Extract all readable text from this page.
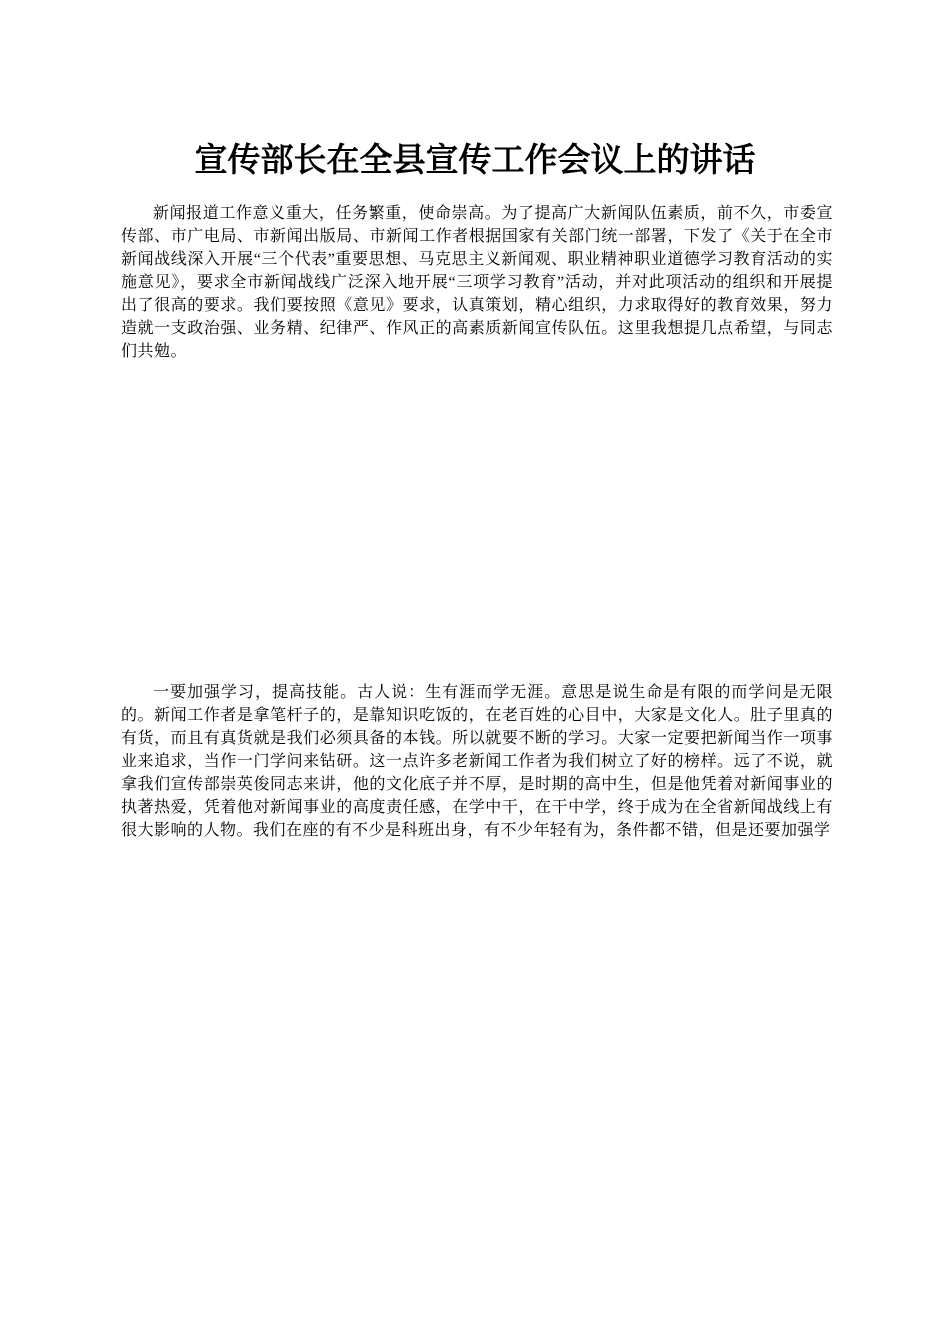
宣传部长在全县宣传工作会议上的讲话

新闻报道工作意义重大，任务繁重，使命崇高。为了提高广大新闻队伍素质，前不久，市委宣传部、市广电局、市新闻出版局、市新闻工作者根据国家有关部门统一部署，下发了《关于在全市新闻战线深入开展“三个代表”重要思想、马克思主义新闻观、职业精神职业道德学习教育活动的实施意见》，要求全市新闻战线广泛深入地开展“三项学习教育”活动，并对此项活动的组织和开展提出了很高的要求。我们要按照《意见》要求，认真策划，精心组织，力求取得好的教育效果，努力造就一支政治强、业务精、纪律严、作风正的高素质新闻宣传队伍。这里我想提几点希望，与同志们共勉。

一要加强学习，提高技能。古人说：生有涯而学无涯。意思是说生命是有限的而学问是无限的。新闻工作者是拿笔杆子的，是靠知识吃饭的，在老百姓的心目中，大家是文化人。肚子里真的有货，而且有真货就是我们必须具备的本钱。所以就要不断的学习。大家一定要把新闻当作一项事业来追求，当作一门学问来钻研。这一点许多老新闻工作者为我们树立了好的榜样。远了不说，就拿我们宣传部崇英俊同志来讲，他的文化底子并不厚，是时期的高中生，但是他凭着对新闻事业的执著热爱，凭着他对新闻事业的高度责任感，在学中干，在干中学，终于成为在全省新闻战线上有很大影响的人物。我们在座的有不少是科班出身，有不少年轻有为，条件都不错，但是还要加强学
